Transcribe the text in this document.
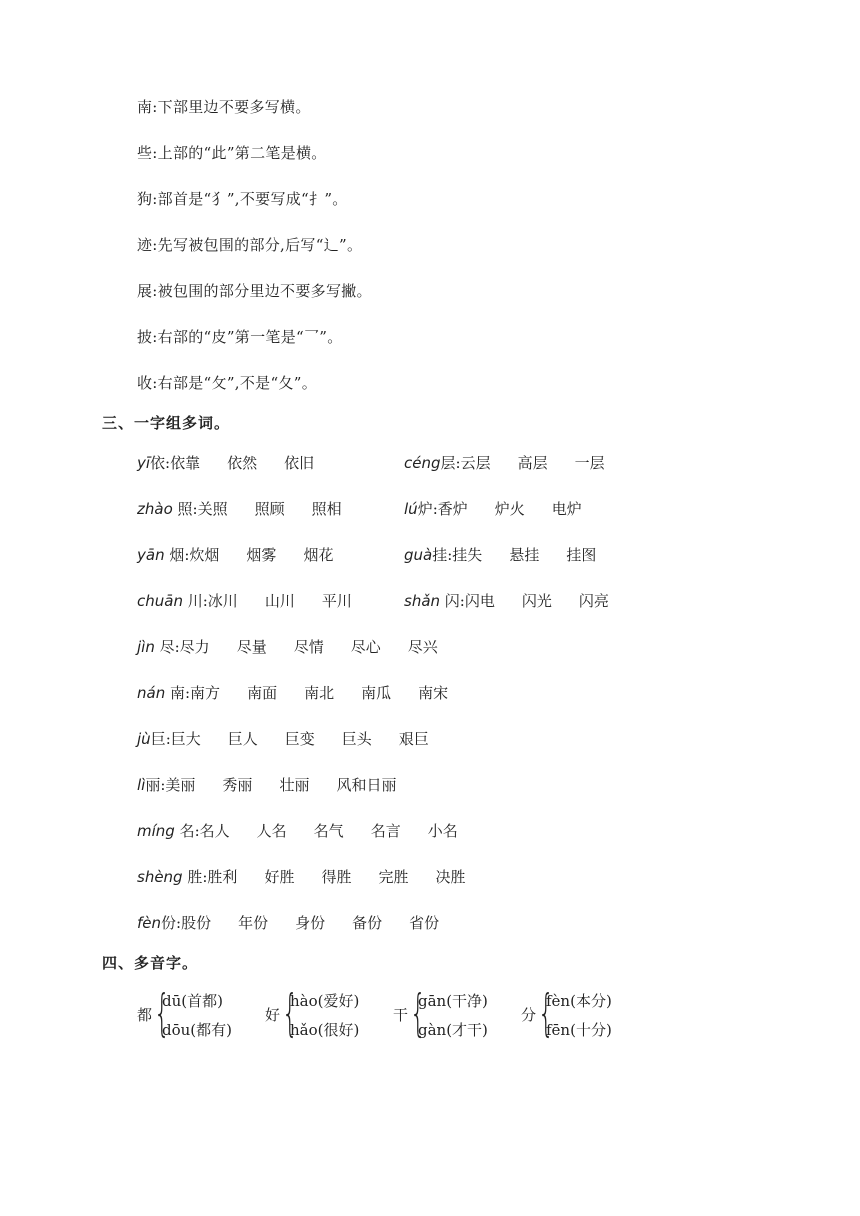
南:下部里边不要多写横。
些:上部的“此”第二笔是横。
狗:部首是“犭”,不要写成“扌”。
迹:先写被包围的部分,后写“辶”。
展:被包围的部分里边不要多写撇。
披:右部的“皮”第一笔是“乛”。
收:右部是“攵”,不是“夂”。
三、一字组多词。
yī依: 依靠 依然 依旧	céng层: 云层 高层 一层
zhào 照: 关照 照顾 照相	lú炉: 香炉 炉火 电炉
yān 烟: 炊烟 烟雾 烟花	guà挂: 挂失 悬挂 挂图
chuān 川: 冰川 山川 平川	shǎn 闪: 闪电 闪光 闪亮
jìn 尽: 尽力 尽量 尽情 尽心 尽兴
nán 南: 南方 南面 南北 南瓜 南宋
jù巨: 巨大 巨人 巨变 巨头 艰巨
lì丽: 美丽 秀丽 壮丽 风和日丽
míng 名: 名人 人名 名气 名言 小名
shèng 胜: 胜利 好胜 得胜 完胜 决胜
fèn份: 股份 年份 身份 备份 省份
四、多音字。
都 {
dū(首都)
dōu(都有)
好 {
hào(爱好)
hǎo(很好)
干 {
gān(干净)
gàn(才干)
分 {
fèn(本分)
fēn(十分)
